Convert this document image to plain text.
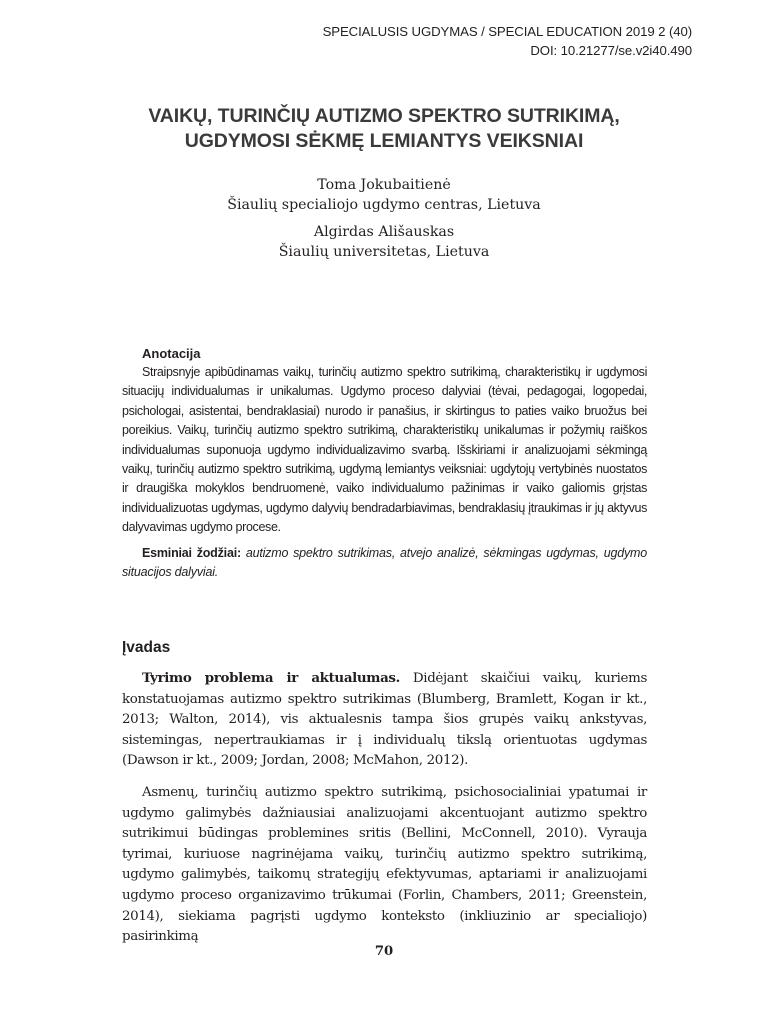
SPECIALUSIS UGDYMAS / SPECIAL EDUCATION 2019 2 (40)
DOI: 10.21277/se.v2i40.490
VAIKŲ, TURINČIŲ AUTIZMO SPEKTRO SUTRIKIMĄ,
UGDYMOSI SĖKMĘ LEMIANTYS VEIKSNIAI
Toma Jokubaitienė
Šiaulių specialiojo ugdymo centras, Lietuva
Algirdas Ališauskas
Šiaulių universitetas, Lietuva
Anotacija

Straipsnyje apibūdinamas vaikų, turinčių autizmo spektro sutrikimą, charakteristikų ir ugdymosi situacijų individualumas ir unikalumas. Ugdymo proceso dalyviai (tėvai, pedagogai, logopedai, psichologai, asistentai, bendraklasiai) nurodo ir panašius, ir skirtingus to paties vaiko bruožus bei poreikius. Vaikų, turinčių autizmo spektro sutrikimą, charakteristikų unikalumas ir požymių raiškos individualumas suponuoja ugdymo individualizavimo svarbą. Išskiriami ir analizuojami sėkmingą vaikų, turinčių autizmo spektro sutrikimą, ugdymą lemiantys veiksniai: ugdytojų vertybinės nuostatos ir draugiška mokyklos bendruomenė, vaiko individualumo pažinimas ir vaiko galiomis grįstas individualizuotas ugdymas, ugdymo dalyvių bendradarbiavimas, bendraklasių įtraukimas ir jų aktyvus dalyvavimas ugdymo procese.

Esminiai žodžiai: autizmo spektro sutrikimas, atvejo analizė, sėkmingas ugdymas, ugdymo situacijos dalyviai.

Įvadas

Tyrimo problema ir aktualumas. Didėjant skaičiui vaikų, kuriems konstatuojamas autizmo spektro sutrikimas (Blumberg, Bramlett, Kogan ir kt., 2013; Walton, 2014), vis aktualesnis tampa šios grupės vaikų ankstyvas, sistemingas, nepertraukiamas ir į individualų tikslą orientuotas ugdymas (Dawson ir kt., 2009; Jordan, 2008; McMahon, 2012).

Asmenų, turinčių autizmo spektro sutrikimą, psichosocialiniai ypatumai ir ugdymo galimybės dažniausiai analizuojami akcentuojant autizmo spektro sutrikimui būdingas problemines sritis (Bellini, McConnell, 2010). Vyrauja tyrimai, kuriuose nagrinėjama vaikų, turinčių autizmo spektro sutrikimą, ugdymo galimybės, taikomų strategijų efektyvumas, aptariami ir analizuojami ugdymo proceso organizavimo trūkumai (Forlin, Chambers, 2011; Greenstein, 2014), siekiama pagrįsti ugdymo konteksto (inkliuzinio ar specialiojo) pasirinkimą

70
